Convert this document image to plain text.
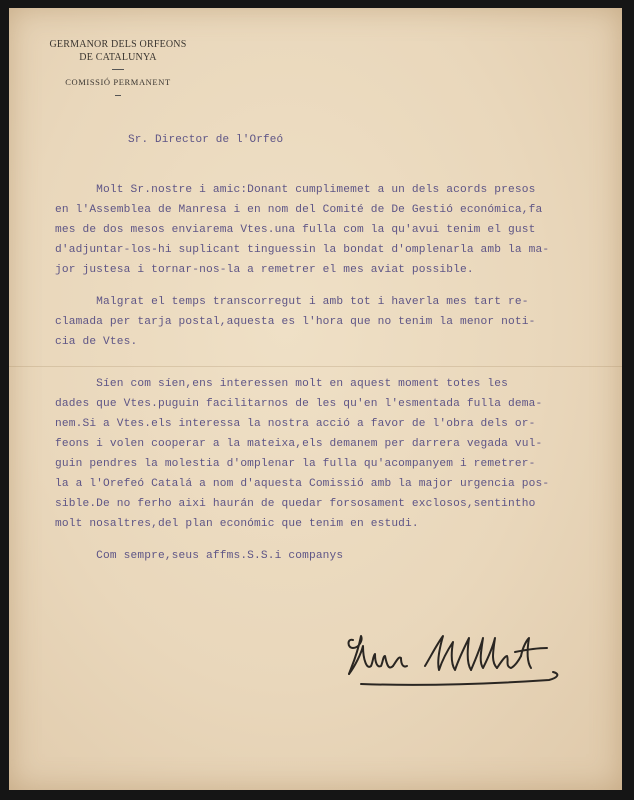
GERMANOR DELS ORFEONS
DE CATALUNYA
COMISSIÓ PERMANENT
Sr. Director de l'Orfeó
Molt Sr.nostre i amic:Donant cumplimemet a un dels acords presos
en l'Assemblea de Manresa i en nom del Comité de De Gestió económica,fa
mes de dos mesos enviarema Vtes.una fulla com la qu'avui tenim el gust
d'adjuntar-los-hi suplicant tinguessin la bondat d'omplenarla amb la ma-
jor justesa i tornar-nos-la a remetrer el mes aviat possible.
Malgrat el temps transcorregut i amb tot i haverla mes tart re-
clamada per tarja postal,aquesta es l'hora que no tenim la menor noti-
cia de Vtes.
Síen com síen,ens interessen molt en aquest moment totes les
dades que Vtes.puguin facilitarnos de les qu'en l'esmentada fulla dema-
nem.Si a Vtes.els interessa la nostra acció a favor de l'obra dels or-
feons i volen cooperar a la mateixa,els demanem per darrera vegada vul-
guin pendres la molestia d'omplenar la fulla qu'acompanyem i remetrer-
la a l'Orefeó Catalá a nom d'aquesta Comissió amb la major urgencia pos-
sible.De no ferho aixi haurán de quedar forsosament exclosos,sentintho
molt nosaltres,del plan económic que tenim en estudi.
Com sempre,seus affms.S.S.i companys
